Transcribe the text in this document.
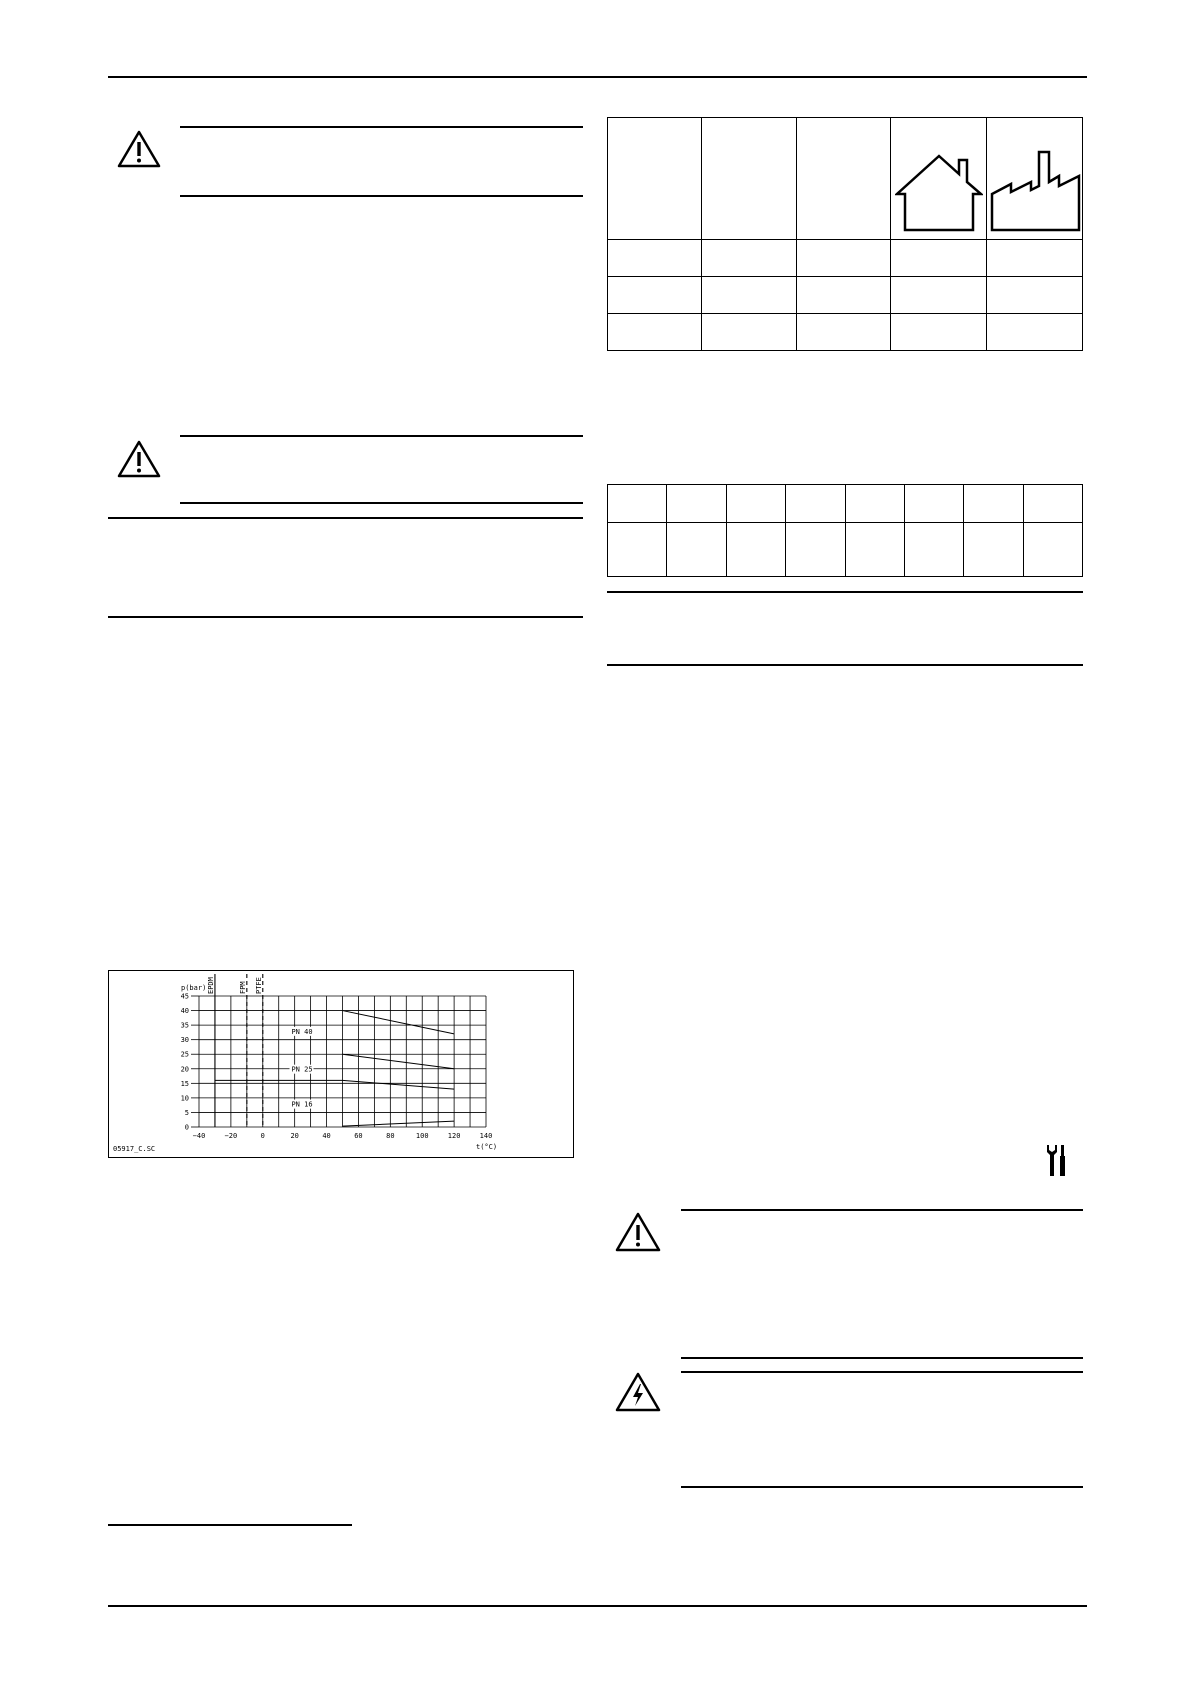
−40	−20	0	20	40	60	80	100	120	140
0
5
10
15
20
25
30
35
40
45
p(bar)
t(°C)
EPDM	FPM PTFE
PN 40
PN 25
PN 16
05917_C.SC
